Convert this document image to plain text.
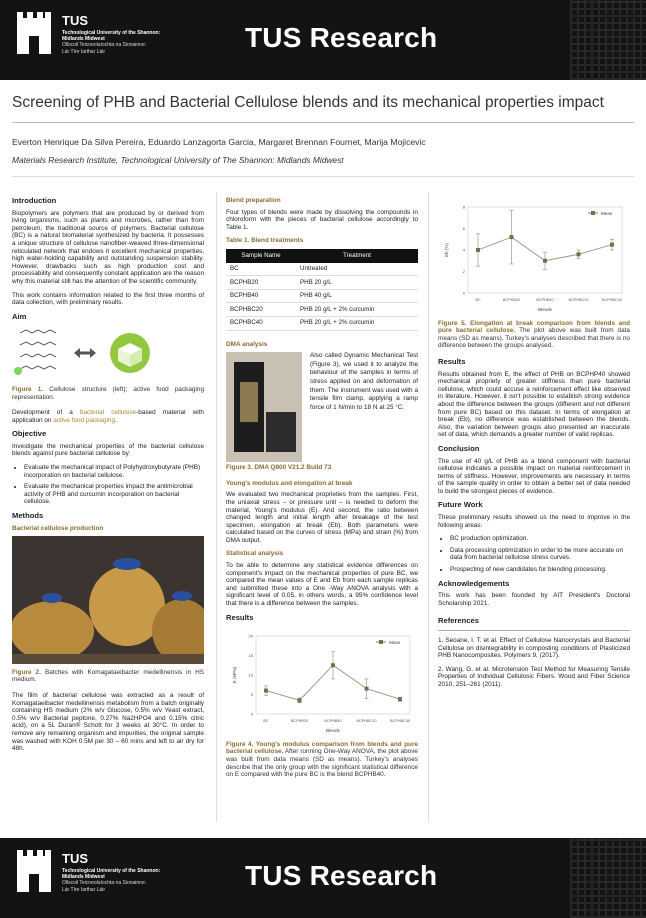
TUS
Technological University of the Shannon:
Midlands Midwest
Ollscoil Teicneolaíochta na Sionainne:
Lár Tíre Iarthar Láir	TUS Research
Screening of PHB and Bacterial Cellulose blends and its mechanical properties impact
Everton Henrique Da Silva Pereira, Eduardo Lanzagorta Garcia, Margaret Brennan Fournet, Marija Mojicevic
Materials Research Institute, Technological University of The Shannon: Midlands Midwest
Introduction

Biopolymers are polymers that are produced by or derived from living organisms, such as plants and microbes, rather than from petroleum, the traditional source of polymers. Bacterial cellulose (BC) is a natural biomaterial synthesized by bacteria. It possesses a unique structure of cellulose nanofiber-weaved three-dimensional reticulated network that endows it excellent mechanical properties, high water-holding capability and outstanding suspension stability. However, drawbacks such as high production cost and processability and consequently constant application are the reason why this material still has the attention of the scientific community.

This work contains information related to the first three months of data collection, with preliminary results.

Aim
Figure 1. Cellulose structure (left); active food packaging representation.

Development of a bacterial cellulose-based material with application on active food packaging.

Objective

Investigate the mechanical properties of the bacterial cellulose blends against pure bacterial cellulose by:

• Evaluate the mechanical impact of Polyhydroxybutyrate (PHB) incorporation on bacterial cellulose.
• Evaluate the mechanical properties impact the antimicrobial activity of PHB and curcumin incorporation on bacterial cellulose.
Methods
Bacterial cellulose production
Figure 2. Batches with Komagataeibacter medellinensis in HS medium.

The film of bacterial cellulose was extracted as a result of Komagataeibacter medellinensis metabolism from a batch originally containing HS medium (2% w/v Glucose, 0.5% w/v Yeast extract, 0.5% w/v Bacterial peptone, 0.27% Na2HPO4 and 0.15% citric acid), on a 5L Duran® Schott for 3 weeks at 30°C. In order to remove any remaining organism and impurities, the original sample was washed with KOH 0.5M per 30 – 60 mins and left to air dry for 48h.

Blend preparation

Four types of blends were made by dissolving the compounds in chloroform with the pieces of bacterial cellulose accordingly to Table 1.

Table 1. Blend treatments
Sample Name	Treatment
BC	Untreated
BCPHB20	PHB 20 g/L
BCPHB40	PHB 40 g/L
BCPHBC20	PHB 20 g/L + 2% curcumin
BCPHBC40	PHB 20 g/L + 2% curcumin
DMA analysis

Also called Dynamic Mechanical Test (Figure 3), we used it to analyze the behaviour of the samples in terms of stress applied on and deformation of them. The instrument was used with a tensile film clamp, applying a ramp force of 1 N/min to 18 N at 25 °C.

Figure 3. DMA Q800 V21.2 Build 73
Young's modulus and elongation at break

We evaluated two mechanical proprieties from the samples. First, the uniaxial stress – or pressure unit – is needed to deform the material, Young's modulus (E). And second, the ratio between changed length and initial length after breakage of the test specimen, elongation at break (Eb). Both parameters were calculated based on the curves of stress (MPa) and strain (%) from DMA output.

Statistical analysis

To be able to determine any statistical evidence differences on component's impact on the mechanical properties of pure BC, we compared the mean values of E and Eb from each sample replicas and submitted these into a One -Way ANOVA analysis with a significant level of 0.05, in others words, a 95% confidence level that there is a difference between the samples.

Results
Mean
0
5
10
15
20
E (MPa)
Blends
BC	BCPHB20	BCPHB40	BCPHBC20	BCPHBC40
Figure 4. Young's modulus comparison from blends and pure bacterial cellulose. After running One-Way ANOVA, the plot above was built from data means (SD as means). Turkey's analyses describe that the only group with the significant statistical difference on E compared with the pure BC is the blend BCPHB40.
Mean
0
2
4
6
8
Eb (%)
Blends
BC	BCPHB20	BCPHB40	BCPHBC20	BCPHBC40
Figure 5. Elongation at break comparison from blends and pure bacterial cellulose. The plot above was built from data means (SD as means). Turkey's analyses described that there is no difference between the groups analysed.
Results

Results obtained from E, the effect of PHB on BCPHP40 showed mechanical propriety of greater stiffness than pure bacterial cellulose, which could accuse a reinforcement effect like observed in literature. However, it isn't possible to establish strong evidence about the difference between the groups (different and not different from pure BC) based on this dataset. In terms of elongation at break (Eb), no difference was established between the blends. Also, the variation between groups also presented an inaccurate set of data, which demands a greater number of valid replicas.

Conclusion

The use of 40 g/L of PHB as a blend component with bacterial cellulose indicates a possible impact on material reinforcement in terms of stiffness. However, improvements are necessary in terms of the sample quality in order to obtain a better set of data needed to build the strongest pieces of evidence.

Future Work

These preliminary results showed us the need to improve in the following areas:

• BC production optimization.
• Data processing optimization in order to be more accurate on data from bacterial cellulose stress curves.
• Prospecting of new candidates for blending processing.
Acknowledgements

This work has been founded by AIT President's Doctoral Scholarship 2021.

References

1. Seoane, I. T. et al. Effect of Cellulose Nanocrystals and Bacterial Cellulose on disintegrability in composting conditions of Plasticized PHB Nanocomposites. Polymers 9, (2017).

2. Wang, G. et al. Microtension Test Method for Measuring Tensile Properties of Individual Cellulosic Fibers. Wood and Fiber Science 2010, 251–261 (2011).

TUS
Technological University of the Shannon:
Midlands Midwest
Ollscoil Teicneolaíochta na Sionainne:
Lár Tíre Iarthar Láir	TUS Research
